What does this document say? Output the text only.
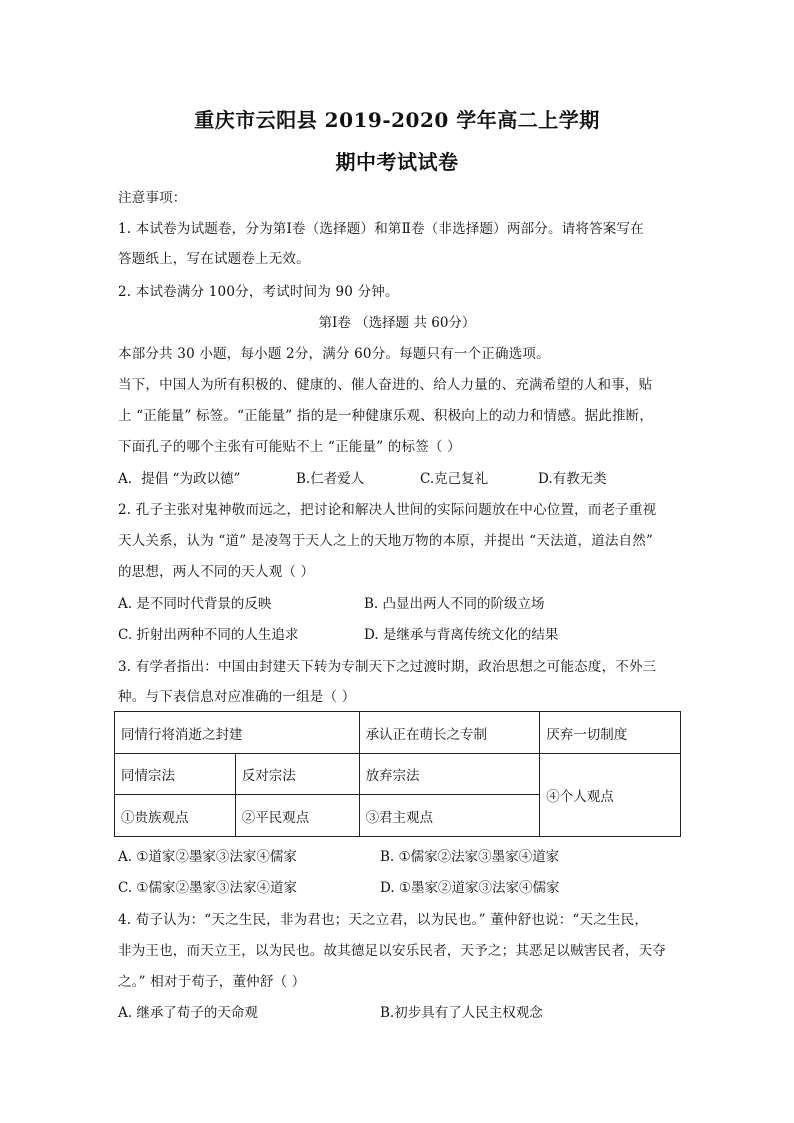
重庆市云阳县 2019-2020 学年高二上学期
期中考试试卷
注意事项：
1. 本试卷为试题卷，分为第Ⅰ卷（选择题）和第Ⅱ卷（非选择题）两部分。请将答案写在
答题纸上，写在试题卷上无效。
2. 本试卷满分 100分，考试时间为 90 分钟。
第Ⅰ卷 （选择题 共 60分）
本部分共 30 小题，每小题 2分，满分 60分。每题只有一个正确选项。
当下，中国人为所有积极的、健康的、催人奋进的、给人力量的、充满希望的人和事，贴
上 “正能量” 标签。“正能量” 指的是一种健康乐观、积极向上的动力和情感。据此推断，
下面孔子的哪个主张有可能贴不上 “正能量” 的标签（ ）
A．提倡 “为政以德”	B.仁者爱人	C.克己复礼	D.有教无类
2. 孔子主张对鬼神敬而远之，把讨论和解决人世间的实际问题放在中心位置，而老子重视
天人关系，认为 “道” 是凌驾于天人之上的天地万物的本原，并提出 “天法道，道法自然”
的思想，两人不同的天人观（ ）
A. 是不同时代背景的反映	B. 凸显出两人不同的阶级立场
C. 折射出两种不同的人生追求	D. 是继承与背离传统文化的结果
3. 有学者指出：中国由封建天下转为专制天下之过渡时期，政治思想之可能态度，不外三
种。与下表信息对应准确的一组是（ ）
同情行将消逝之封建		承认正在萌长之专制	厌弃一切制度
同情宗法	反对宗法	放弃宗法	④个人观点
①贵族观点	②平民观点	③君主观点	
A. ①道家②墨家③法家④儒家	B. ①儒家②法家③墨家④道家
C. ①儒家②墨家③法家④道家	D. ①墨家②道家③法家④儒家
4. 荀子认为：“天之生民，非为君也；天之立君，以为民也。” 董仲舒也说：“天之生民，
非为王也，而天立王，以为民也。故其德足以安乐民者，天予之；其恶足以贼害民者，天夺
之。” 相对于荀子，董仲舒（ ）
A. 继承了荀子的天命观	B.初步具有了人民主权观念
